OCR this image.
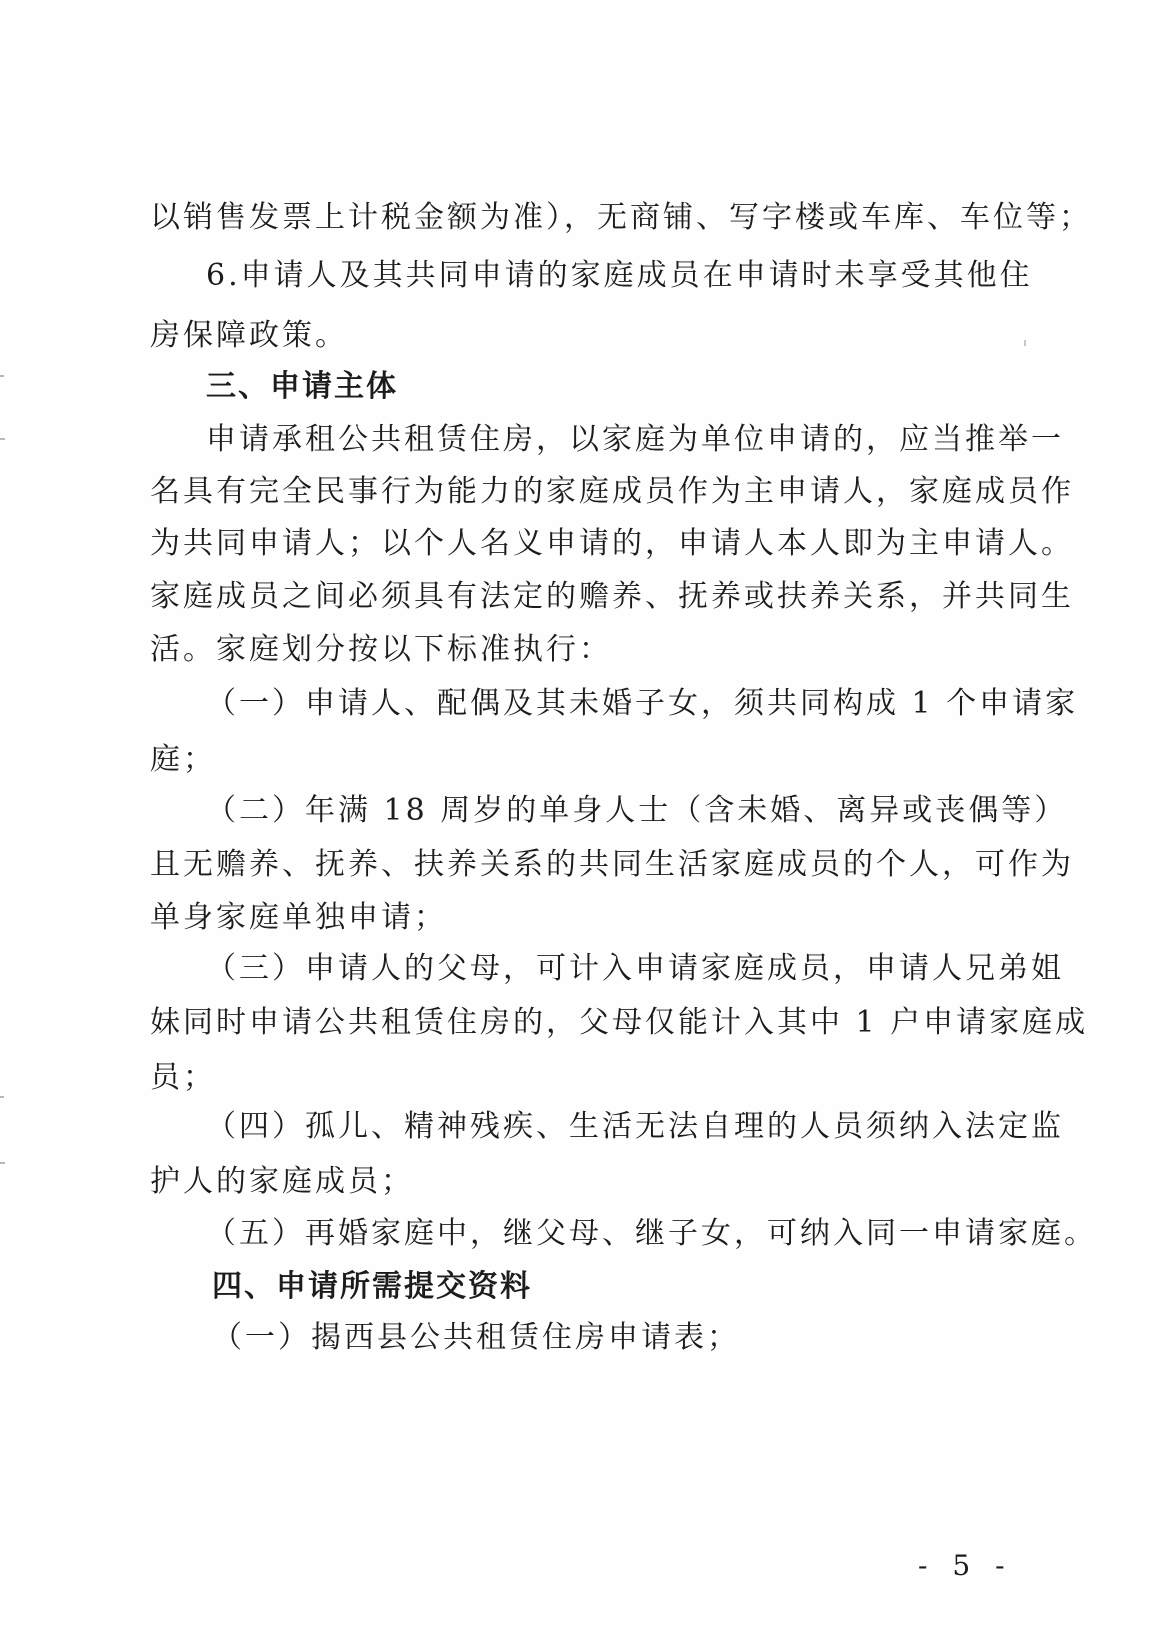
以销售发票上计税金额为准），无商铺、写字楼或车库、车位等；

6.申请人及其共同申请的家庭成员在申请时未享受其他住

房保障政策。

三、申请主体

申请承租公共租赁住房，以家庭为单位申请的，应当推举一

名具有完全民事行为能力的家庭成员作为主申请人，家庭成员作

为共同申请人；以个人名义申请的，申请人本人即为主申请人。

家庭成员之间必须具有法定的赡养、抚养或扶养关系，并共同生

活。家庭划分按以下标准执行：

（一）申请人、配偶及其未婚子女，须共同构成 1 个申请家

庭；

（二）年满 18 周岁的单身人士（含未婚、离异或丧偶等）

且无赡养、抚养、扶养关系的共同生活家庭成员的个人，可作为

单身家庭单独申请；

（三）申请人的父母，可计入申请家庭成员，申请人兄弟姐

妹同时申请公共租赁住房的，父母仅能计入其中 1 户申请家庭成

员；

（四）孤儿、精神残疾、生活无法自理的人员须纳入法定监

护人的家庭成员；

（五）再婚家庭中，继父母、继子女，可纳入同一申请家庭。

四、申请所需提交资料

（一）揭西县公共租赁住房申请表；

- 5 -
